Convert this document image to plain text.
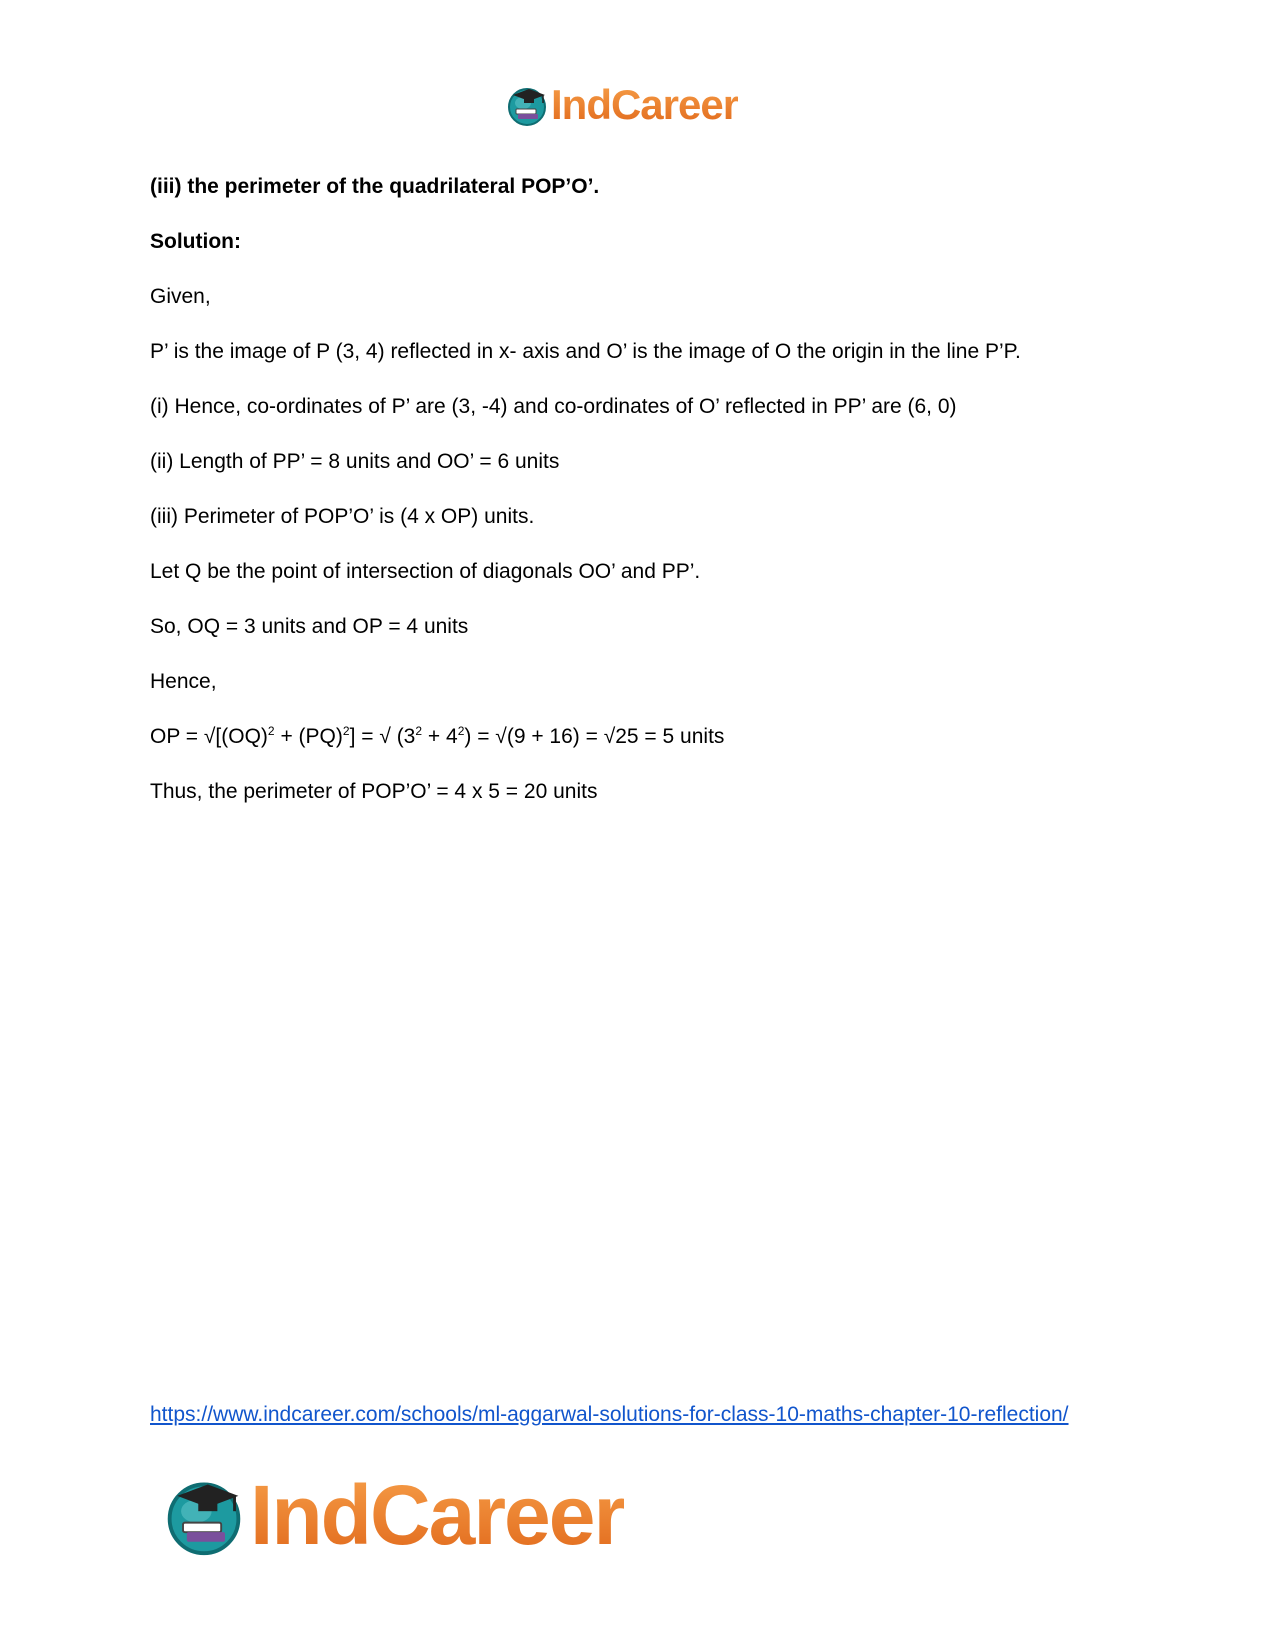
IndCareer

(iii) the perimeter of the quadrilateral POP’O’.

Solution:

Given,

P’ is the image of P (3, 4) reflected in x- axis and O’ is the image of O the origin in the line P’P.

(i) Hence, co-ordinates of P’ are (3, -4) and co-ordinates of O’ reflected in PP’ are (6, 0)

(ii) Length of PP’ = 8 units and OO’ = 6 units

(iii) Perimeter of POP’O’ is (4 x OP) units.

Let Q be the point of intersection of diagonals OO’ and PP’.

So, OQ = 3 units and OP = 4 units

Hence,

OP = √[(OQ)$^2$ + (PQ)$^2$] = √ $(3^2 + 4^2) = √(9 + 16) = √25 = 5$ units

Thus, the perimeter of POP’O’ = 4 x 5 = 20 units

https://www.indcareer.com/schools/ml-aggarwal-solutions-for-class-10-maths-chapter-10-reflection/
IndCareer
